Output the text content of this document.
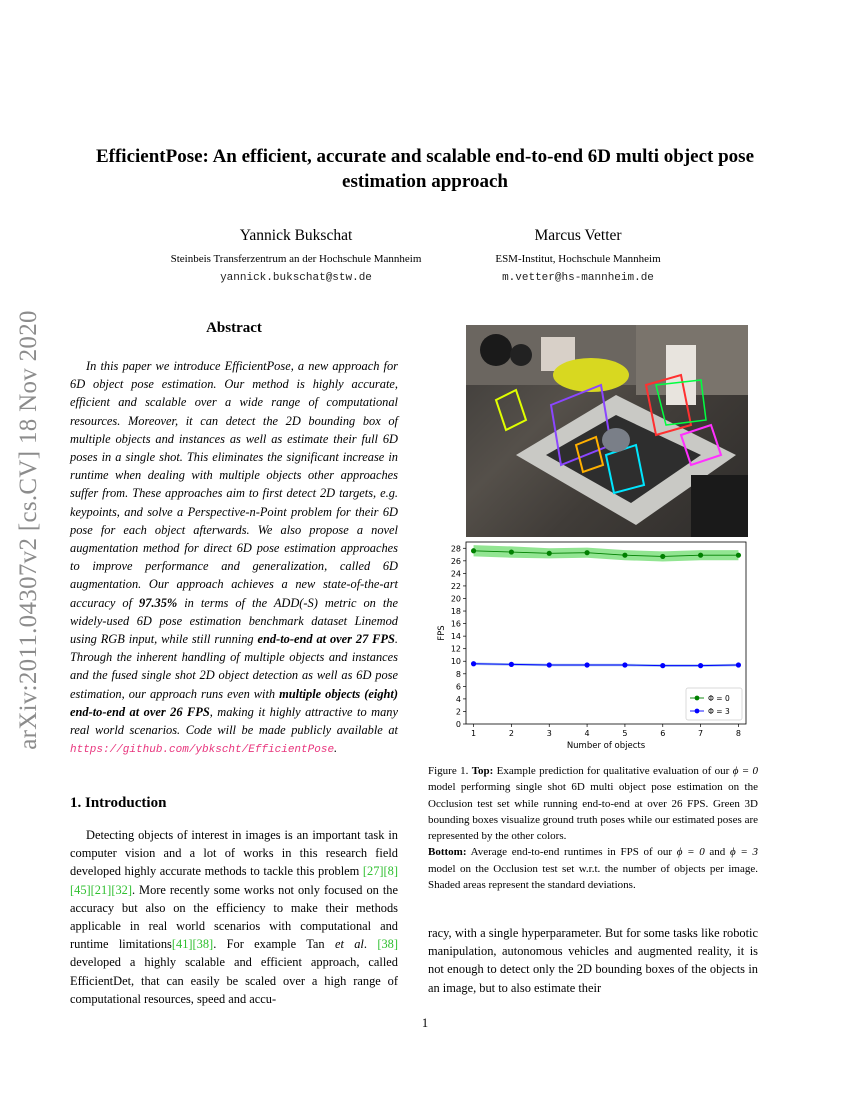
arXiv:2011.04307v2 [cs.CV] 18 Nov 2020
EfficientPose: An efficient, accurate and scalable end-to-end 6D multi object pose estimation approach
Yannick Bukschat
Steinbeis Transferzentrum an der Hochschule Mannheim
yannick.bukschat@stw.de
Marcus Vetter
ESM-Institut, Hochschule Mannheim
m.vetter@hs-mannheim.de
Abstract
In this paper we introduce EfficientPose, a new approach for 6D object pose estimation. Our method is highly accurate, efficient and scalable over a wide range of computational resources. Moreover, it can detect the 2D bounding box of multiple objects and instances as well as estimate their full 6D poses in a single shot. This eliminates the significant increase in runtime when dealing with multiple objects other approaches suffer from. These approaches aim to first detect 2D targets, e.g. keypoints, and solve a Perspective-n-Point problem for their 6D pose for each object afterwards. We also propose a novel augmentation method for direct 6D pose estimation approaches to improve performance and generalization, called 6D augmentation. Our approach achieves a new state-of-the-art accuracy of 97.35% in terms of the ADD(-S) metric on the widely-used 6D pose estimation benchmark dataset Linemod using RGB input, while still running end-to-end at over 27 FPS. Through the inherent handling of multiple objects and instances and the fused single shot 2D object detection as well as 6D pose estimation, our approach runs even with multiple objects (eight) end-to-end at over 26 FPS, making it highly attractive to many real world scenarios. Code will be made publicly available at https://github.com/ybkscht/EfficientPose.
1. Introduction
Detecting objects of interest in images is an important task in computer vision and a lot of works in this research field developed highly accurate methods to tackle this problem [27][8][45][21][32]. More recently some works not only focused on the accuracy but also on the efficiency to make their methods applicable in real world scenarios with computational and runtime limitations[41][38]. For example Tan et al. [38] developed a highly scalable and efficient approach, called EfficientDet, that can easily be scaled over a high range of computational resources, speed and accu-
0
2
4
6
8
10
12
14
16
18
20
22
24
26
28
1	2	3	4	5	6	7	8
Number of objects
FPS
Φ = 0
Φ = 3
Figure 1. Top: Example prediction for qualitative evaluation of our ϕ = 0 model performing single shot 6D multi object pose estimation on the Occlusion test set while running end-to-end at over 26 FPS. Green 3D bounding boxes visualize ground truth poses while our estimated poses are represented by the other colors.
Bottom: Average end-to-end runtimes in FPS of our ϕ = 0 and ϕ = 3 model on the Occlusion test set w.r.t. the number of objects per image. Shaded areas represent the standard deviations.
racy, with a single hyperparameter. But for some tasks like robotic manipulation, autonomous vehicles and augmented reality, it is not enough to detect only the 2D bounding boxes of the objects in an image, but to also estimate their
1
